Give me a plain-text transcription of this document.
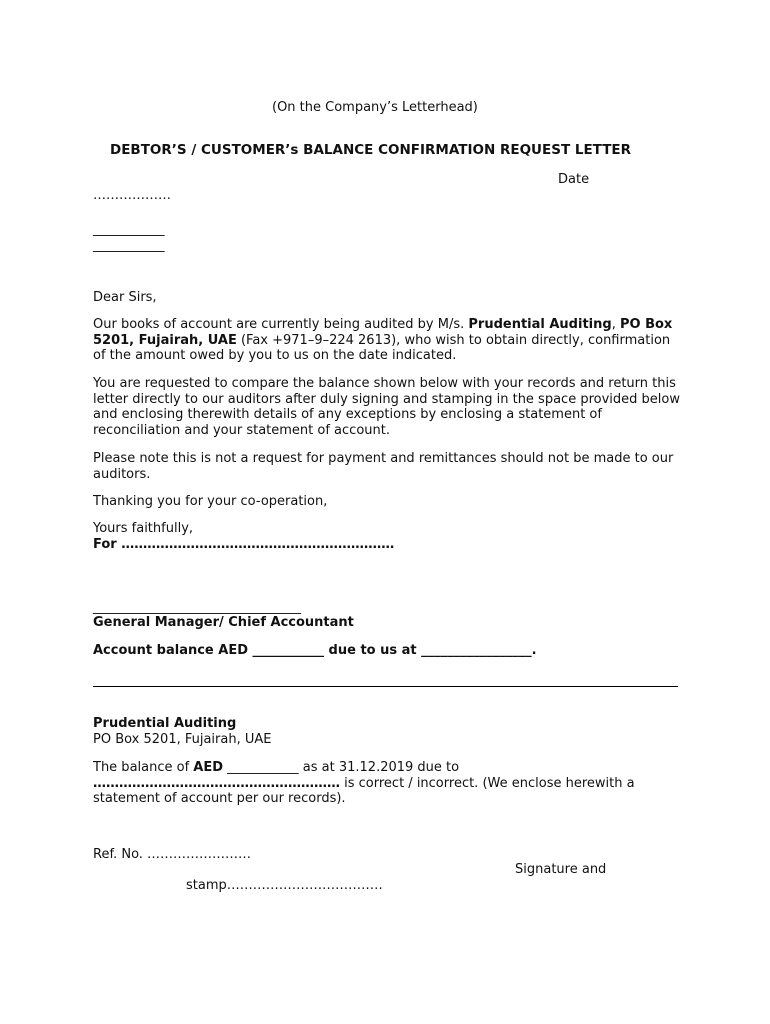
(On the Company’s Letterhead)
DEBTOR’S / CUSTOMER’s BALANCE CONFIRMATION REQUEST LETTER
Date
………………
___________
___________
Dear Sirs,
Our books of account are currently being audited by M/s. Prudential Auditing, PO Box 5201, Fujairah, UAE (Fax +971–9–224 2613), who wish to obtain directly, confirmation of the amount owed by you to us on the date indicated.
You are requested to compare the balance shown below with your records and return this letter directly to our auditors after duly signing and stamping in the space provided below and enclosing therewith details of any exceptions by enclosing a statement of reconciliation and your statement of account.
Please note this is not a request for payment and remittances should not be made to our auditors.
Thanking you for your co-operation,
Yours faithfully,
For ………………………………………………………
________________________________
General Manager/ Chief Accountant
Account balance AED ___________ due to us at _________________.
Prudential Auditing
PO Box 5201, Fujairah, UAE
The balance of AED ___________ as at 31.12.2019 due to ………………………………………………… is correct / incorrect. (We enclose herewith a statement of account per our records).
Ref. No. ……………………
Signature and
stamp………………………………
